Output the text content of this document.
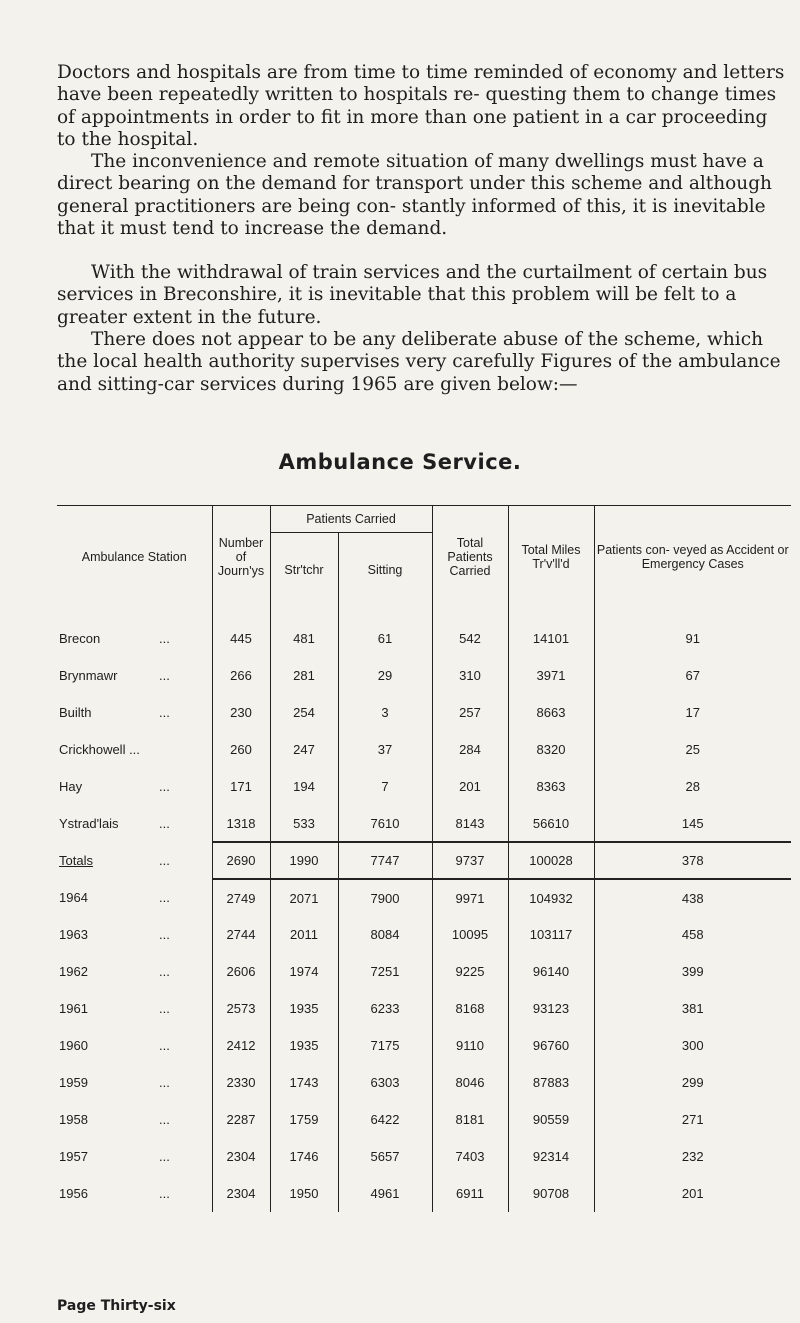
Doctors and hospitals are from time to time reminded of economy and letters have been repeatedly written to hospitals re- questing them to change times of appointments in order to fit in more than one patient in a car proceeding to the hospital.

The inconvenience and remote situation of many dwellings must have a direct bearing on the demand for transport under this scheme and although general practitioners are being con- stantly informed of this, it is inevitable that it must tend to increase the demand.

With the withdrawal of train services and the curtailment of certain bus services in Breconshire, it is inevitable that this problem will be felt to a greater extent in the future.

There does not appear to be any deliberate abuse of the scheme, which the local health authority supervises very carefully Figures of the ambulance and sitting-car services during 1965 are given below:—

Ambulance Service.
Ambulance Station	Number of Journ'ys	Patients Carried		Total Patients Carried	Total Miles Tr'v'll'd	Patients con- veyed as Accident or Emergency Cases
		Str'tchr	Sitting			
Brecon ...	445	481	61	542	14101	91
Brynmawr ...	266	281	29	310	3971	67
Builth ...	230	254	3	257	8663	17
Crickhowell ...	260	247	37	284	8320	25
Hay ...	171	194	7	201	8363	28
Ystrad'lais ...	1318	533	7610	8143	56610	145
Totals ...	2690	1990	7747	9737	100028	378
1964 ...	2749	2071	7900	9971	104932	438
1963 ...	2744	2011	8084	10095	103117	458
1962 ...	2606	1974	7251	9225	96140	399
1961 ...	2573	1935	6233	8168	93123	381
1960 ...	2412	1935	7175	9110	96760	300
1959 ...	2330	1743	6303	8046	87883	299
1958 ...	2287	1759	6422	8181	90559	271
1957 ...	2304	1746	5657	7403	92314	232
1956 ...	2304	1950	4961	6911	90708	201
Page Thirty-six
